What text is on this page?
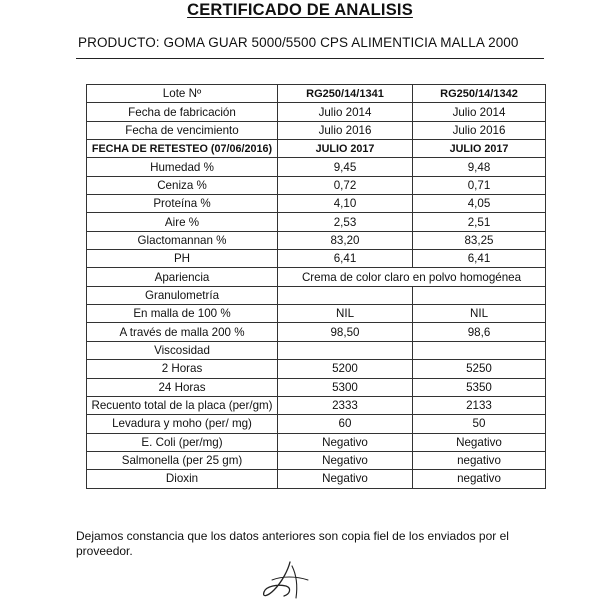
CERTIFICADO DE ANALISIS
PRODUCTO: GOMA GUAR 5000/5500 CPS ALIMENTICIA MALLA 2000
Lote Nº	RG250/14/1341	RG250/14/1342
Fecha de fabricación	Julio 2014	Julio 2014
Fecha de vencimiento	Julio 2016	Julio 2016
FECHA DE RETESTEO (07/06/2016)	JULIO 2017	JULIO 2017
Humedad %	9,45	9,48
Ceniza %	0,72	0,71
Proteína %	4,10	4,05
Aire %	2,53	2,51
Glactomannan %	83,20	83,25
PH	6,41	6,41
Apariencia	Crema de color claro en polvo homogénea	
Granulometría		
En malla de 100 %	NIL	NIL
A través de malla 200 %	98,50	98,6
Viscosidad		
2 Horas	5200	5250
24 Horas	5300	5350
Recuento total de la placa (per/gm)	2333	2133
Levadura y moho (per/ mg)	60	50
E. Coli (per/mg)	Negativo	Negativo
Salmonella (per 25 gm)	Negativo	negativo
Dioxin	Negativo	negativo
Dejamos constancia que los datos anteriores son copia fiel de los enviados por el proveedor.
